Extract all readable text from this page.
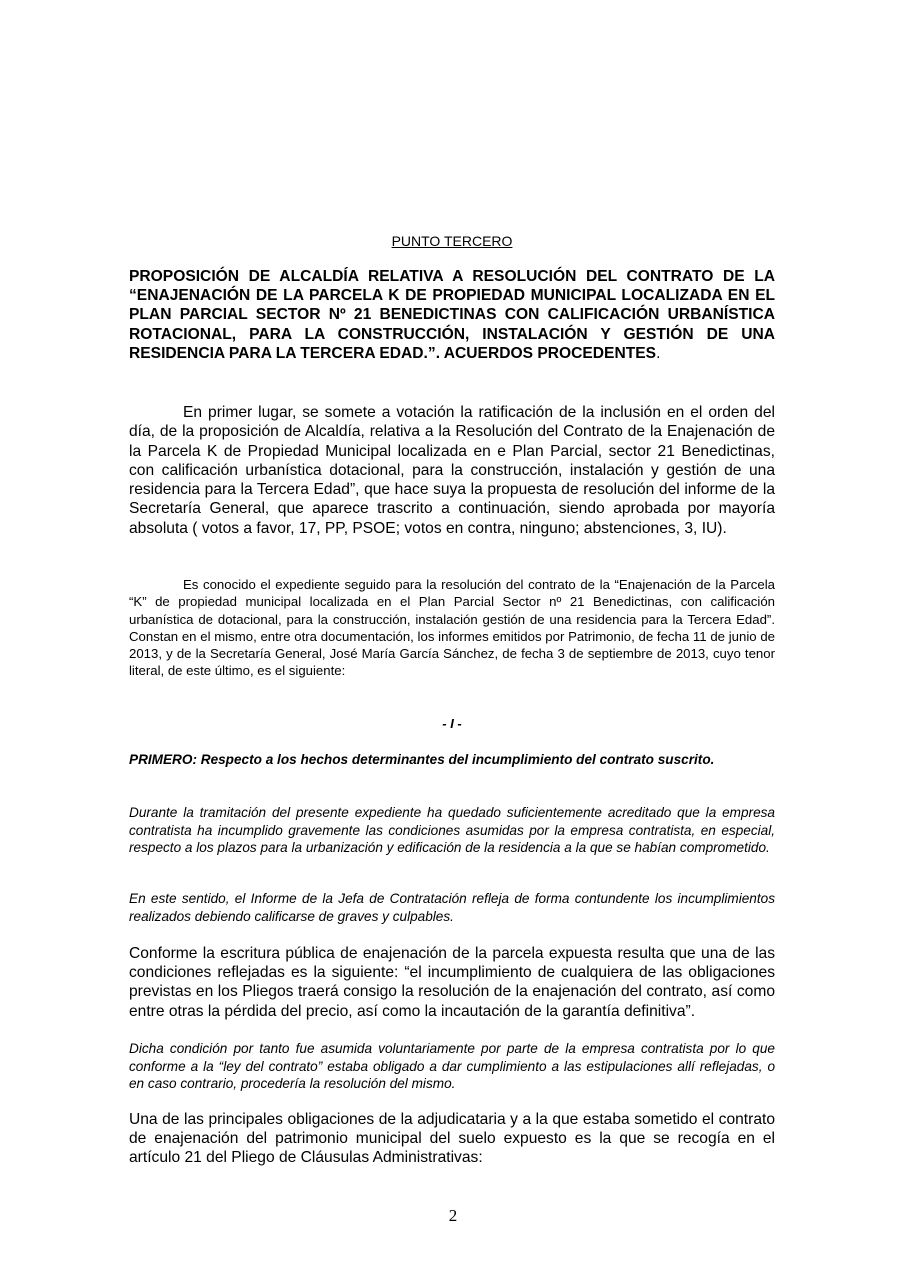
PUNTO TERCERO

PROPOSICIÓN DE ALCALDÍA RELATIVA A RESOLUCIÓN DEL CONTRATO DE LA “ENAJENACIÓN DE LA PARCELA K DE PROPIEDAD MUNICIPAL LOCALIZADA EN EL PLAN PARCIAL SECTOR Nº 21 BENEDICTINAS CON CALIFICACIÓN URBANÍSTICA ROTACIONAL, PARA LA CONSTRUCCIÓN, INSTALACIÓN Y GESTIÓN DE UNA RESIDENCIA PARA LA TERCERA EDAD.”. ACUERDOS PROCEDENTES.

En primer lugar, se somete a votación la ratificación de la inclusión en el orden del día, de la proposición de Alcaldía, relativa a la Resolución del Contrato de la Enajenación de la Parcela K de Propiedad Municipal localizada en e Plan Parcial, sector 21 Benedictinas, con calificación urbanística dotacional, para la construcción, instalación y gestión de una residencia para la Tercera Edad”, que hace suya la propuesta de resolución del informe de la Secretaría General, que aparece trascrito a continuación, siendo aprobada por mayoría absoluta ( votos a favor, 17, PP, PSOE; votos en contra, ninguno; abstenciones, 3, IU).

Es conocido el expediente seguido para la resolución del contrato de la “Enajenación de la Parcela “K” de propiedad municipal localizada en el Plan Parcial Sector nº 21 Benedictinas, con calificación urbanística de dotacional, para la construcción, instalación gestión de una residencia para la Tercera Edad”. Constan en el mismo, entre otra documentación, los informes emitidos por Patrimonio, de fecha 11 de junio de 2013, y de la Secretaría General, José María García Sánchez, de fecha 3 de septiembre de 2013, cuyo tenor literal, de este último, es el siguiente:

- I -

PRIMERO: Respecto a los hechos determinantes del incumplimiento del contrato suscrito.

Durante la tramitación del presente expediente ha quedado suficientemente acreditado que la empresa contratista ha incumplido gravemente las condiciones asumidas por la empresa contratista, en especial, respecto a los plazos para la urbanización y edificación de la residencia a la que se habían comprometido.

En este sentido, el Informe de la Jefa de Contratación refleja de forma contundente los incumplimientos realizados debiendo calificarse de graves y culpables.

Conforme la escritura pública de enajenación de la parcela expuesta resulta que una de las condiciones reflejadas es la siguiente: “el incumplimiento de cualquiera de las obligaciones previstas en los Pliegos traerá consigo la resolución de la enajenación del contrato, así como entre otras la pérdida del precio, así como la incautación de la garantía definitiva”.

Dicha condición por tanto fue asumida voluntariamente por parte de la empresa contratista por lo que conforme a la “ley del contrato” estaba obligado a dar cumplimiento a las estipulaciones allí reflejadas, o en caso contrario, procedería la resolución del mismo.

Una de las principales obligaciones de la adjudicataria y a la que estaba sometido el contrato de enajenación del patrimonio municipal del suelo expuesto es la que se recogía en el artículo 21 del Pliego de Cláusulas Administrativas:

2
